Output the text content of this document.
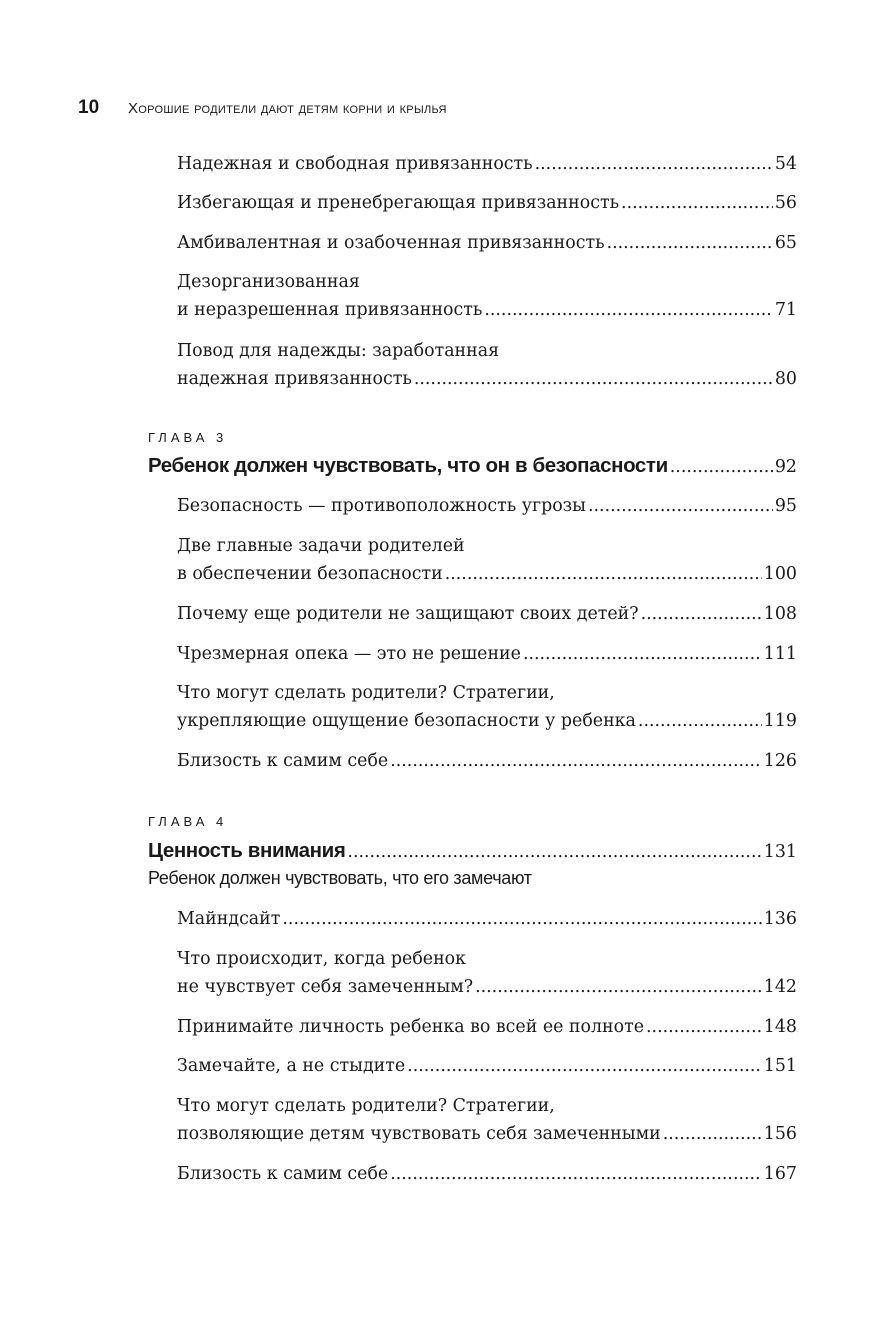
10	Хорошие родители дают детям корни и крылья
Надежная и свободная привязанность .....	54
Избегающая и пренебрегающая привязанность .....	56
Амбивалентная и озабоченная привязанность .....	65
Дезорганизованная
и неразрешенная привязанность .....	71
Повод для надежды: заработанная
надежная привязанность .....	80
ГЛАВА 3
Ребенок должен чувствовать, что он в безопасности .....	92
Безопасность — противоположность угрозы .....	95
Две главные задачи родителей
в обеспечении безопасности .....	100
Почему еще родители не защищают своих детей? .....	108
Чрезмерная опека — это не решение .....	111
Что могут сделать родители? Стратегии,
укрепляющие ощущение безопасности у ребенка .....	119
Близость к самим себе .....	126
ГЛАВА 4
Ценность внимания .....	131
Ребенок должен чувствовать, что его замечают
Майндсайт .....	136
Что происходит, когда ребенок
не чувствует себя замеченным? .....	142
Принимайте личность ребенка во всей ее полноте .....	148
Замечайте, а не стыдите .....	151
Что могут сделать родители? Стратегии,
позволяющие детям чувствовать себя замеченными .....	156
Близость к самим себе .....	167
